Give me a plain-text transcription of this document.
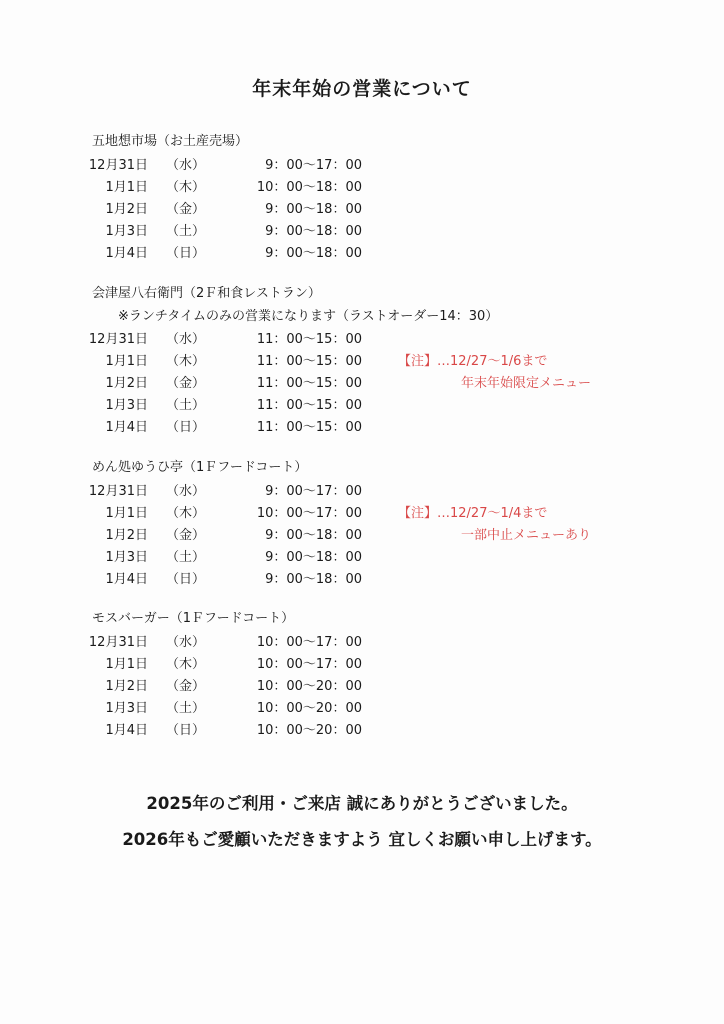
年末年始の営業について
五地想市場（お土産売場）
12月31日 （水）	9：00〜17：00
1月1日 （木）	10：00〜18：00
1月2日 （金）	9：00〜18：00
1月3日 （土）	9：00〜18：00
1月4日 （日）	9：00〜18：00
会津屋八右衛門（2Ｆ和食レストラン）
※ランチタイムのみの営業になります（ラストオーダー14：30）
12月31日 （水）	11：00〜15：00
1月1日 （木）	11：00〜15：00
1月2日 （金）	11：00〜15：00
1月3日 （土）	11：00〜15：00
1月4日 （日）	11：00〜15：00
【注】…12/27〜1/6まで
年末年始限定メニュー
めん処ゆうひ亭（1Ｆフードコート）
12月31日 （水）	9：00〜17：00
1月1日 （木）	10：00〜17：00
1月2日 （金）	9：00〜18：00
1月3日 （土）	9：00〜18：00
1月4日 （日）	9：00〜18：00
【注】…12/27〜1/4まで
一部中止メニューあり
モスバーガー（1Ｆフードコート）
12月31日 （水）	10：00〜17：00
1月1日 （木）	10：00〜17：00
1月2日 （金）	10：00〜20：00
1月3日 （土）	10：00〜20：00
1月4日 （日）	10：00〜20：00
2025年のご利用・ご来店 誠にありがとうございました。
2026年もご愛顧いただきますよう 宜しくお願い申し上げます。
